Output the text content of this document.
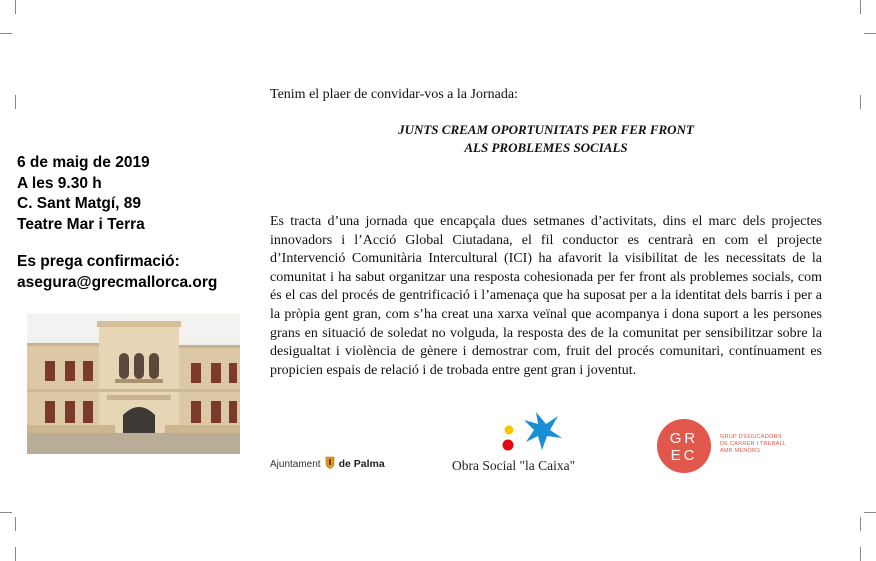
6 de maig de 2019
A les 9.30 h
C. Sant Matgí, 89
Teatre Mar i Terra
Es prega confirmació:
asegura@grecmallorca.org
Tenim el plaer de convidar-vos a la Jornada:
JUNTS CREAM OPORTUNITATS PER FER FRONT
ALS PROBLEMES SOCIALS
Es tracta d’una jornada que encapçala dues setmanes d’activitats, dins el marc dels projectes innovadors i l’Acció Global Ciutadana, el fil conductor es centrarà en com el projecte d’Intervenció Comunitària Intercultural (ICI) ha afavorit la visibilitat de les necessitats de la comunitat i ha sabut organitzar una resposta cohesionada per fer front als problemes socials, com és el cas del procés de gentrificació i l’amenaça que ha suposat per a la identitat dels barris i per a la pròpia gent gran, com s’ha creat una xarxa veïnal que acompanya i dona suport a les persones grans en situació de soledat no volguda, la resposta des de la comunitat per sensibilitzar sobre la desigualtat i violència de gènere i demostrar com, fruit del procés comunitari, contínuament es propicien espais de relació i de trobada entre gent gran i joventut.
Ajuntament de Palma	Obra Social "la Caixa"
GR
EC
GRUP D'EDUCADORS
DE CARRER I TREBALL
AMB MENORS
